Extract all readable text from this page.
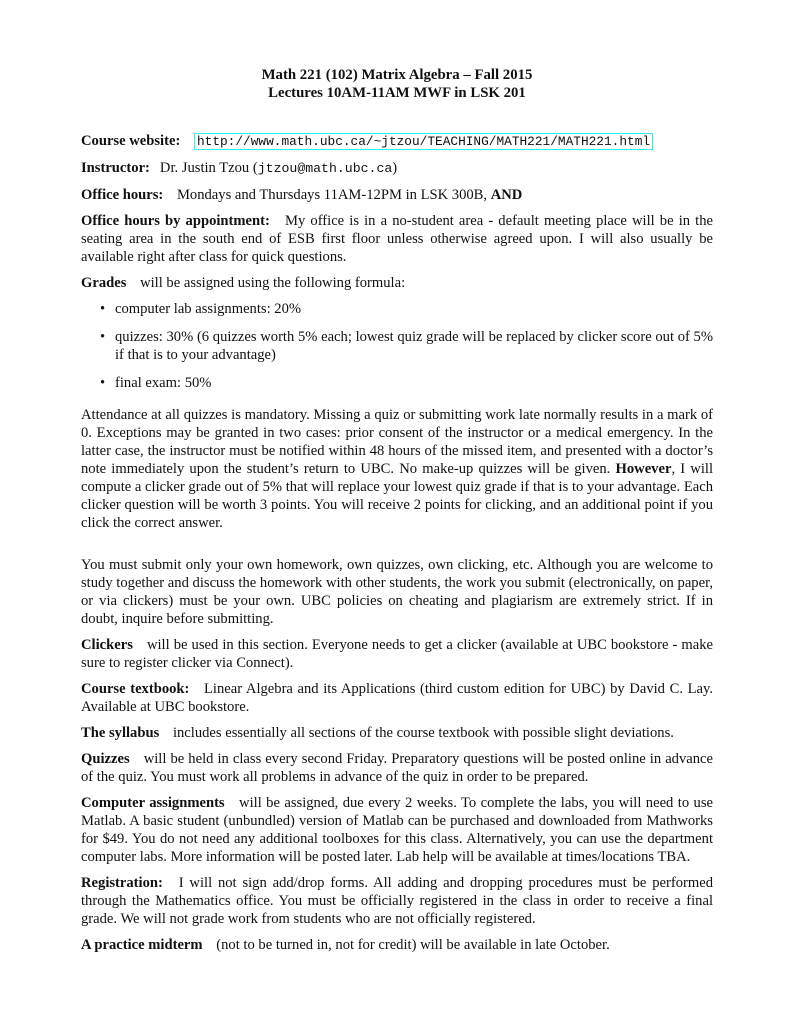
Math 221 (102) Matrix Algebra – Fall 2015

Lectures 10AM-11AM MWF in LSK 201

Course website: http://www.math.ubc.ca/~jtzou/TEACHING/MATH221/MATH221.html

Instructor: Dr. Justin Tzou (jtzou@math.ubc.ca)

Office hours: Mondays and Thursdays 11AM-12PM in LSK 300B, AND

Office hours by appointment: My office is in a no-student area - default meeting place will be in the seating area in the south end of ESB first floor unless otherwise agreed upon. I will also usually be available right after class for quick questions.

Grades will be assigned using the following formula:

• computer lab assignments: 20%
• quizzes: 30% (6 quizzes worth 5% each; lowest quiz grade will be replaced by clicker score out of 5% if that is to your advantage)
• final exam: 50%

Attendance at all quizzes is mandatory. Missing a quiz or submitting work late normally results in a mark of 0. Exceptions may be granted in two cases: prior consent of the instructor or a medical emergency. In the latter case, the instructor must be notified within 48 hours of the missed item, and presented with a doctor’s note immediately upon the student’s return to UBC. No make-up quizzes will be given. However, I will compute a clicker grade out of 5% that will replace your lowest quiz grade if that is to your advantage. Each clicker question will be worth 3 points. You will receive 2 points for clicking, and an additional point if you click the correct answer.

You must submit only your own homework, own quizzes, own clicking, etc. Although you are welcome to study together and discuss the homework with other students, the work you submit (electronically, on paper, or via clickers) must be your own. UBC policies on cheating and plagiarism are extremely strict. If in doubt, inquire before submitting.

Clickers will be used in this section. Everyone needs to get a clicker (available at UBC bookstore - make sure to register clicker via Connect).

Course textbook: Linear Algebra and its Applications (third custom edition for UBC) by David C. Lay. Available at UBC bookstore.

The syllabus includes essentially all sections of the course textbook with possible slight deviations.

Quizzes will be held in class every second Friday. Preparatory questions will be posted online in advance of the quiz. You must work all problems in advance of the quiz in order to be prepared.

Computer assignments will be assigned, due every 2 weeks. To complete the labs, you will need to use Matlab. A basic student (unbundled) version of Matlab can be purchased and downloaded from Mathworks for $49. You do not need any additional toolboxes for this class. Alternatively, you can use the department computer labs. More information will be posted later. Lab help will be available at times/locations TBA.

Registration: I will not sign add/drop forms. All adding and dropping procedures must be performed through the Mathematics office. You must be officially registered in the class in order to receive a final grade. We will not grade work from students who are not officially registered.

A practice midterm (not to be turned in, not for credit) will be available in late October.
